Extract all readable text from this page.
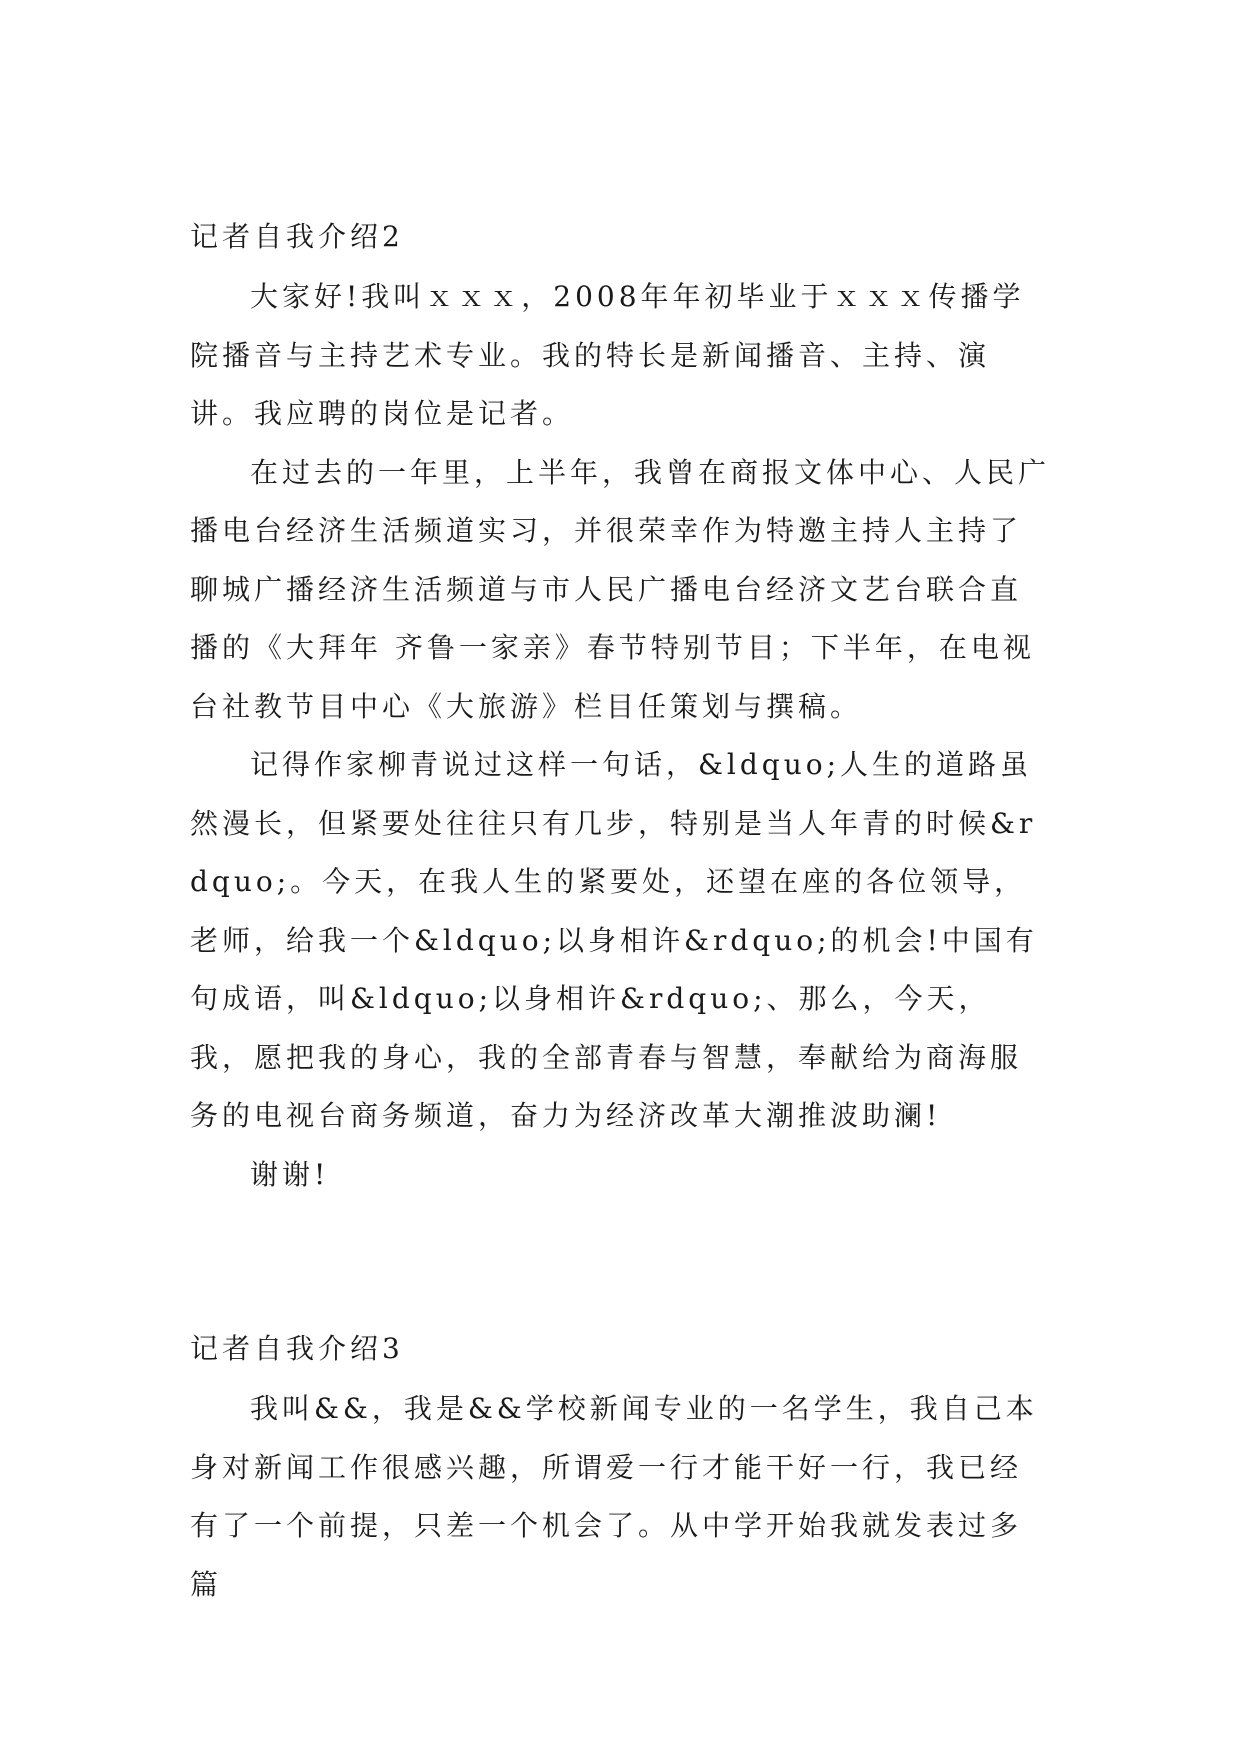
记者自我介绍2

大家好!我叫ｘｘｘ，2008年年初毕业于ｘｘｘ传播学院播音与主持艺术专业。我的特长是新闻播音、主持、演讲。我应聘的岗位是记者。

在过去的一年里，上半年，我曾在商报文体中心、人民广播电台经济生活频道实习，并很荣幸作为特邀主持人主持了聊城广播经济生活频道与市人民广播电台经济文艺台联合直播的《大拜年 齐鲁一家亲》春节特别节目；下半年，在电视台社教节目中心《大旅游》栏目任策划与撰稿。

记得作家柳青说过这样一句话，&ldquo;人生的道路虽然漫长，但紧要处往往只有几步，特别是当人年青的时候&rdquo;。今天，在我人生的紧要处，还望在座的各位领导，老师，给我一个&ldquo;以身相许&rdquo;的机会!中国有句成语，叫&ldquo;以身相许&rdquo;、那么，今天，我，愿把我的身心，我的全部青春与智慧，奉献给为商海服务的电视台商务频道，奋力为经济改革大潮推波助澜!

谢谢!

记者自我介绍3

我叫&&，我是&&学校新闻专业的一名学生，我自己本身对新闻工作很感兴趣，所谓爱一行才能干好一行，我已经有了一个前提，只差一个机会了。从中学开始我就发表过多篇
